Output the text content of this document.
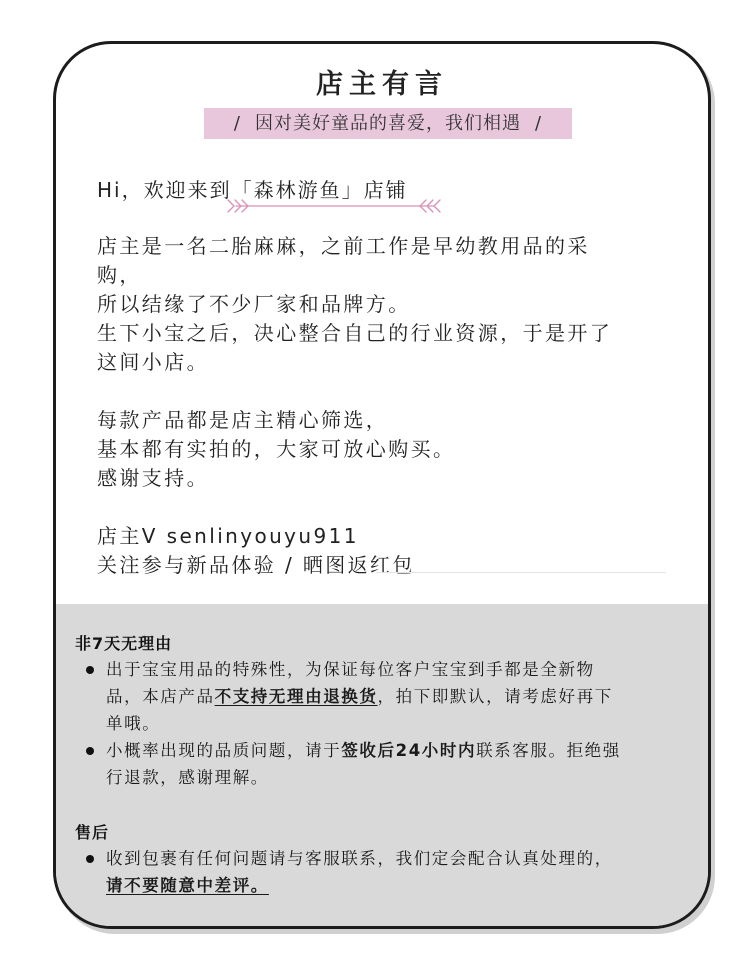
店主有言
/ 因对美好童品的喜爱，我们相遇 /
Hi，欢迎来到「森林游鱼」店铺
店主是一名二胎麻麻，之前工作是早幼教用品的采
购，
所以结缘了不少厂家和品牌方。
生下小宝之后，决心整合自己的行业资源，于是开了
这间小店。
每款产品都是店主精心筛选，
基本都有实拍的，大家可放心购买。
感谢支持。
店主V senlinyouyu911
关注参与新品体验 / 晒图返红包
非7天无理由
出于宝宝用品的特殊性，为保证每位客户宝宝到手都是全新物
品，本店产品不支持无理由退换货，拍下即默认，请考虑好再下
单哦。
小概率出现的品质问题，请于签收后24小时内联系客服。拒绝强
行退款，感谢理解。
售后
收到包裹有任何问题请与客服联系，我们定会配合认真处理的，
请不要随意中差评。
